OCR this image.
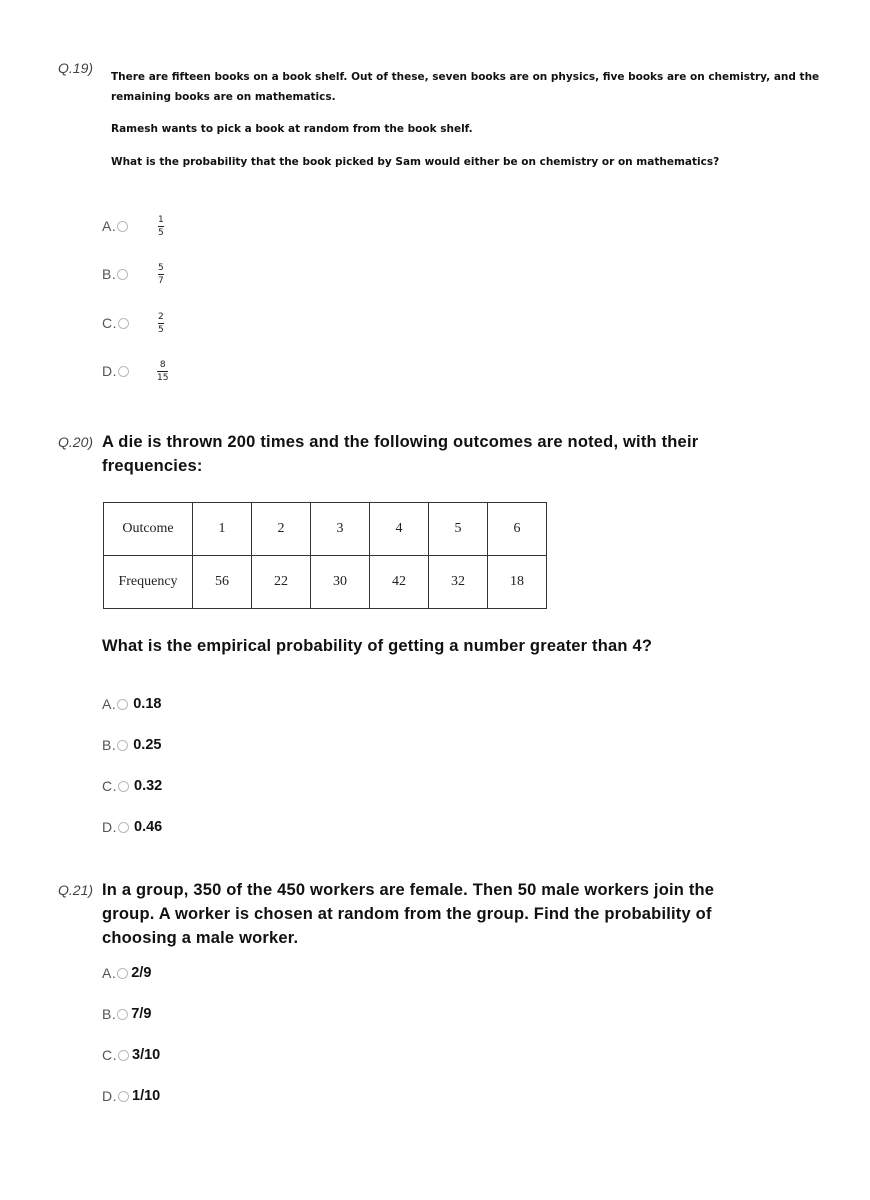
Q.19)
There are fifteen books on a book shelf. Out of these, seven books are on physics, five books are on chemistry, and the
remaining books are on mathematics.
Ramesh wants to pick a book at random from the book shelf.
What is the probability that the book picked by Sam would either be on chemistry or on mathematics?
A.	1
5
B.	5
7
C.	2
5
D.	8
15
Q.20) A die is thrown 200 times and the following outcomes are noted, with their
frequencies:
Outcome	1	2	3	4	5	6
Frequency	56	22	30	42	32	18
What is the empirical probability of getting a number greater than 4?
A. 0.18
B. 0.25
C. 0.32
D. 0.46
Q.21) In a group, 350 of the 450 workers are female. Then 50 male workers join the
group. A worker is chosen at random from the group. Find the probability of
choosing a male worker.
A. 2/9
B. 7/9
C. 3/10
D. 1/10
